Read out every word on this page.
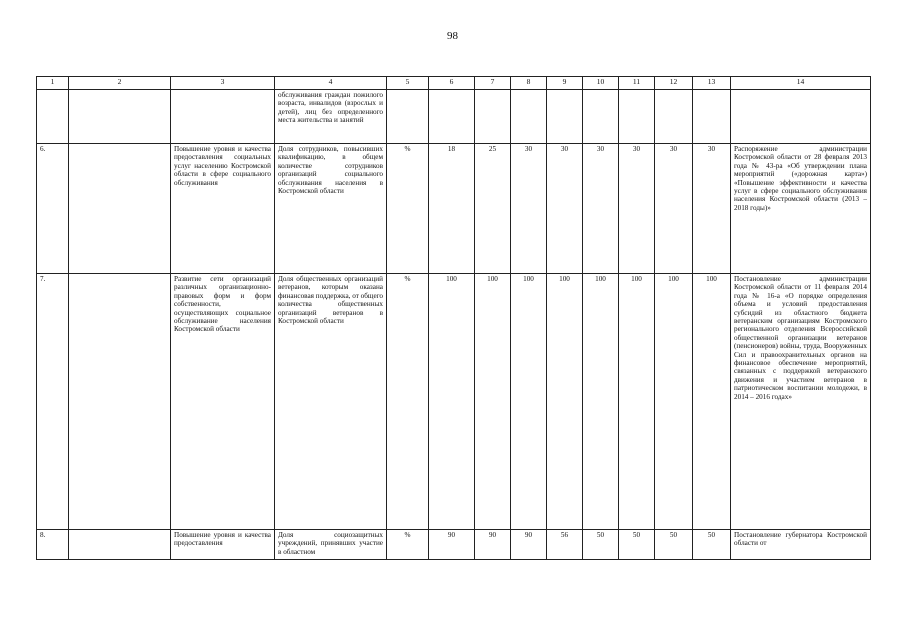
98
1	2	3	4	5	6	7	8	9	10	11	12	13	14
			обслуживания граждан пожилого возраста, инвалидов (взрослых и детей), лиц без определенного места жительства и занятий										
6.		Повышение уровня и качества предоставления социальных услуг населению Костромской области в сфере социального обслуживания	Доля сотрудников, повысивших квалификацию, в общем количестве сотрудников организаций социального обслуживания населения в Костромской области	%	18	25	30	30	30	30	30	30	Распоряжение администрации Костромской области от 28 февраля 2013 года № 43-ра «Об утверждении плана мероприятий («дорожная карта») «Повышение эффективности и качества услуг в сфере социального обслуживания населения Костромской области (2013 – 2018 годы)»
7.		Развитие сети организаций различных организационно-правовых форм и форм собственности, осуществляющих социальное обслуживание населения Костромской области	Доля общественных организаций ветеранов, которым оказана финансовая поддержка, от общего количества общественных организаций ветеранов в Костромской области	%	100	100	100	100	100	100	100	100	Постановление администрации Костромской области от 11 февраля 2014 года № 16-а «О порядке определения объема и условий предоставления субсидий из областного бюджета ветеранским организациям Костромского регионального отделения Всероссийской общественной организации ветеранов (пенсионеров) войны, труда, Вооруженных Сил и правоохранительных органов на финансовое обеспечение мероприятий, связанных с поддержкой ветеранского движения и участием ветеранов в патриотическом воспитании молодежи, в 2014 – 2016 годах»
8.		Повышение уровня и качества предоставления	Доля социозащитных учреждений, принявших участие в областном	%	90	90	90	56	50	50	50	50	Постановление губернатора Костромской области от
